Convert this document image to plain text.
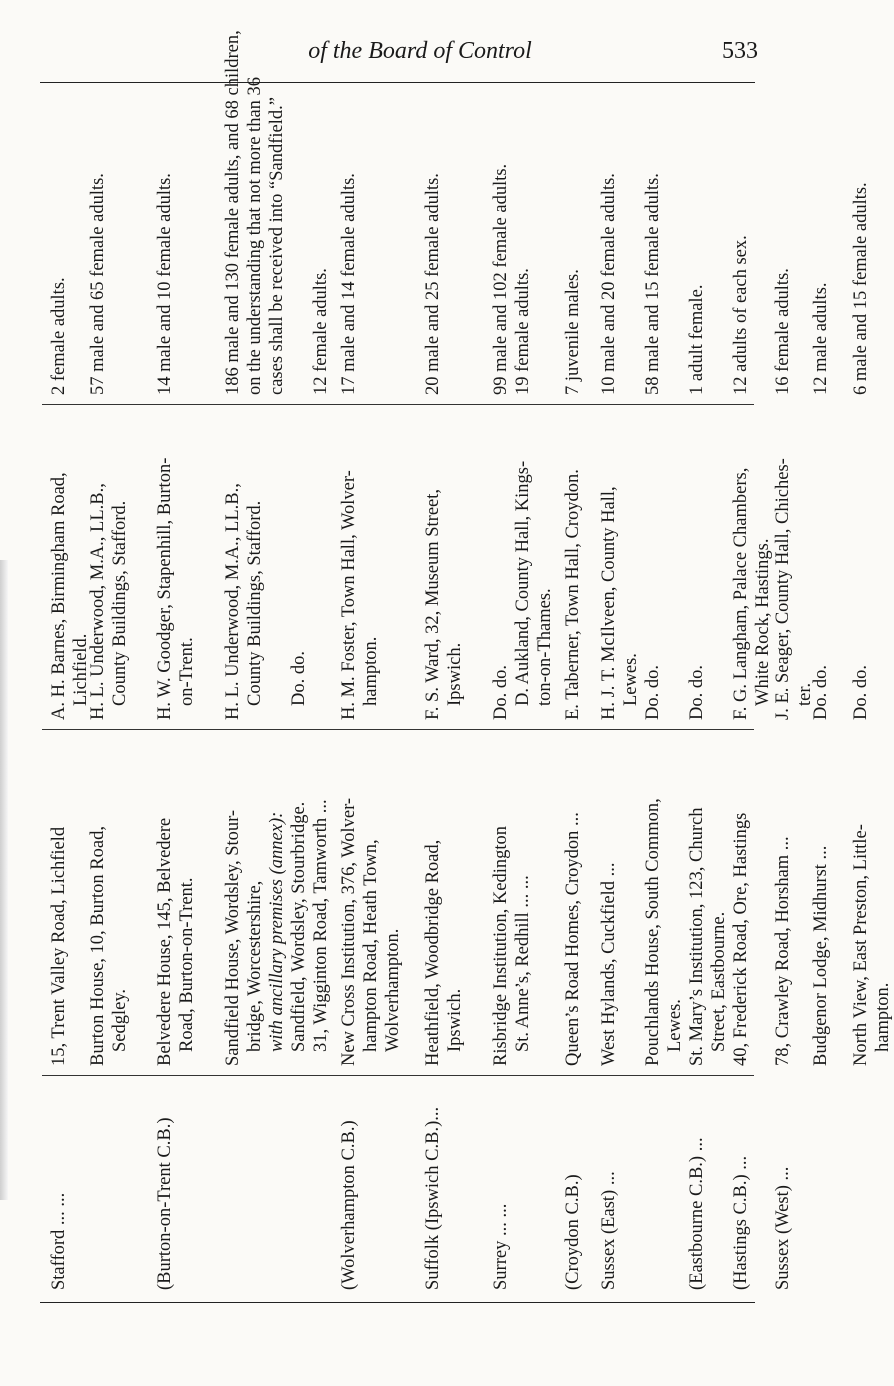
of the Board of Control	533
Stafford ... ...
15, Trent Valley Road, Lichfield
A. H. Barnes, Birmingham Road, Lichfield.
2 female adults.
Burton House, 10, Burton Road, Sedgley.
H. L. Underwood, M.A., LL.B., County Buildings, Stafford.
57 male and 65 female adults.
(Burton-on-Trent C.B.)
Belvedere House, 145, Belvedere Road, Burton-on-Trent.
H. W. Goodger, Stapenhill, Burton- on-Trent.
14 male and 10 female adults.
Sandfield House, Wordsley, Stour- bridge, Worcestershire, with ancillary premises (annex): Sandfield, Wordsley, Stourbridge. 31, Wigginton Road, Tamworth ...
H. L. Underwood, M.A., LL.B., County Buildings, Stafford.
Do. do.
186 male and 130 female adults, and 68 children, on the understanding that not more than 36 cases shall be received into “Sandfield.”
12 female adults.
(Wolverhampton C.B.)
New Cross Institution, 376, Wolver- hampton Road, Heath Town, Wolverhampton.
H. M. Foster, Town Hall, Wolver- hampton.
17 male and 14 female adults.
Suffolk (Ipswich C.B.)...
Heathfield, Woodbridge Road, Ipswich.
F. S. Ward, 32, Museum Street, Ipswich.
20 male and 25 female adults.
Surrey ... ...
Risbridge Institution, Kedington St. Anne’s, Redhill ... ...
Do. do. D. Aukland, County Hall, Kings- ton-on-Thames.
99 male and 102 female adults. 19 female adults.
(Croydon C.B.)
Queen’s Road Homes, Croydon ...
E. Taberner, Town Hall, Croydon.
7 juvenile males.
Sussex (East) ...
West Hylands, Cuckfield ...
H. J. T. McIlveen, County Hall, Lewes.
10 male and 20 female adults.
Pouchlands House, South Common, Lewes.
Do. do.
58 male and 15 female adults.
(Eastbourne C.B.) ...
St. Mary’s Institution, 123, Church Street, Eastbourne.
Do. do.
1 adult female.
(Hastings C.B.) ...
40, Frederick Road, Ore, Hastings
F. G. Langham, Palace Chambers, White Rock, Hastings.
12 adults of each sex.
Sussex (West) ...
78, Crawley Road, Horsham ...
J. E. Seager, County Hall, Chiches- ter.
16 female adults.
Budgenor Lodge, Midhurst ...
Do. do.
12 male adults.
North View, East Preston, Little- hampton.
Do. do.
6 male and 15 female adults.
